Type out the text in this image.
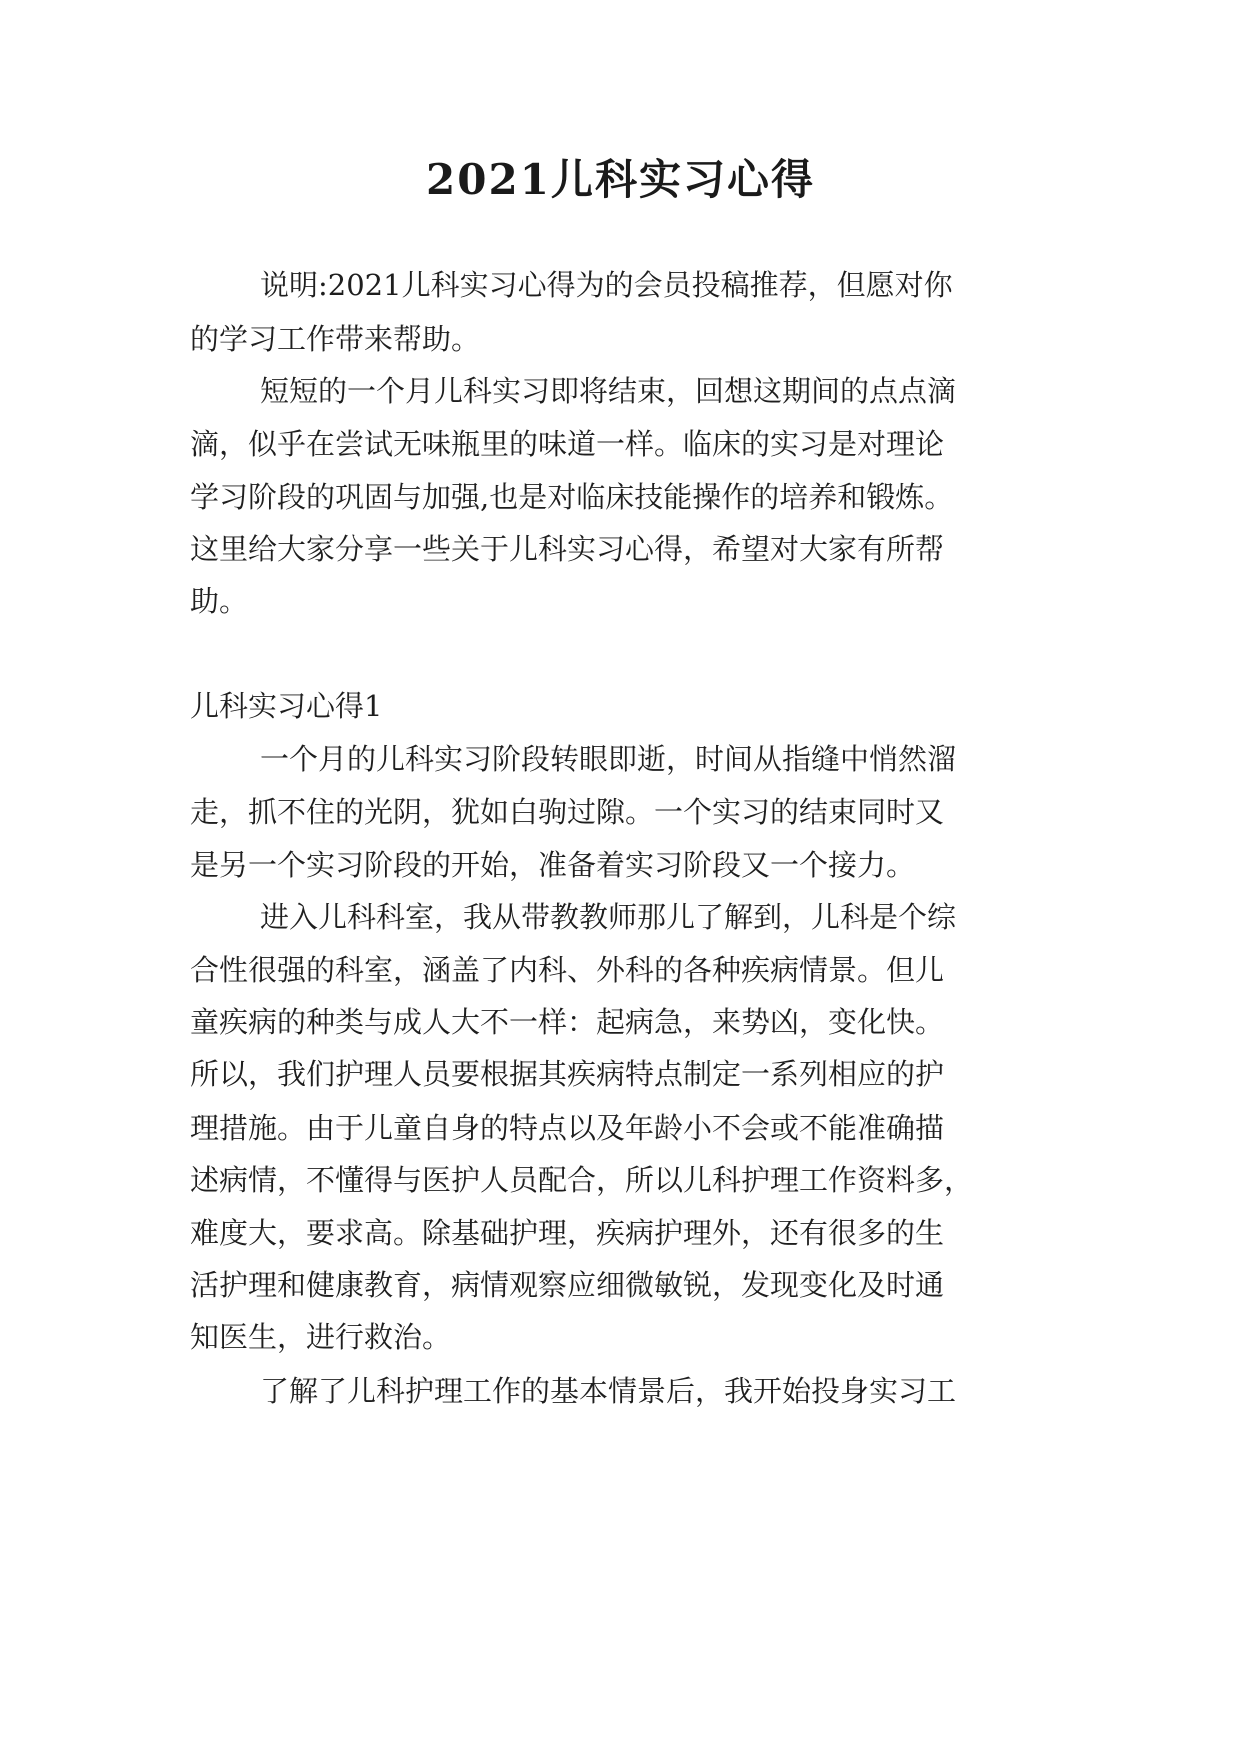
2021儿科实习心得
说明:2021儿科实习心得为的会员投稿推荐，但愿对你
的学习工作带来帮助。
短短的一个月儿科实习即将结束，回想这期间的点点滴
滴，似乎在尝试无味瓶里的味道一样。临床的实习是对理论
学习阶段的巩固与加强,也是对临床技能操作的培养和锻炼。
这里给大家分享一些关于儿科实习心得，希望对大家有所帮
助。
儿科实习心得1
一个月的儿科实习阶段转眼即逝，时间从指缝中悄然溜
走，抓不住的光阴，犹如白驹过隙。一个实习的结束同时又
是另一个实习阶段的开始，准备着实习阶段又一个接力。
进入儿科科室，我从带教教师那儿了解到，儿科是个综
合性很强的科室，涵盖了内科、外科的各种疾病情景。但儿
童疾病的种类与成人大不一样：起病急，来势凶，变化快。
所以，我们护理人员要根据其疾病特点制定一系列相应的护
理措施。由于儿童自身的特点以及年龄小不会或不能准确描
述病情，不懂得与医护人员配合，所以儿科护理工作资料多，
难度大，要求高。除基础护理，疾病护理外，还有很多的生
活护理和健康教育，病情观察应细微敏锐，发现变化及时通
知医生，进行救治。
了解了儿科护理工作的基本情景后，我开始投身实习工
